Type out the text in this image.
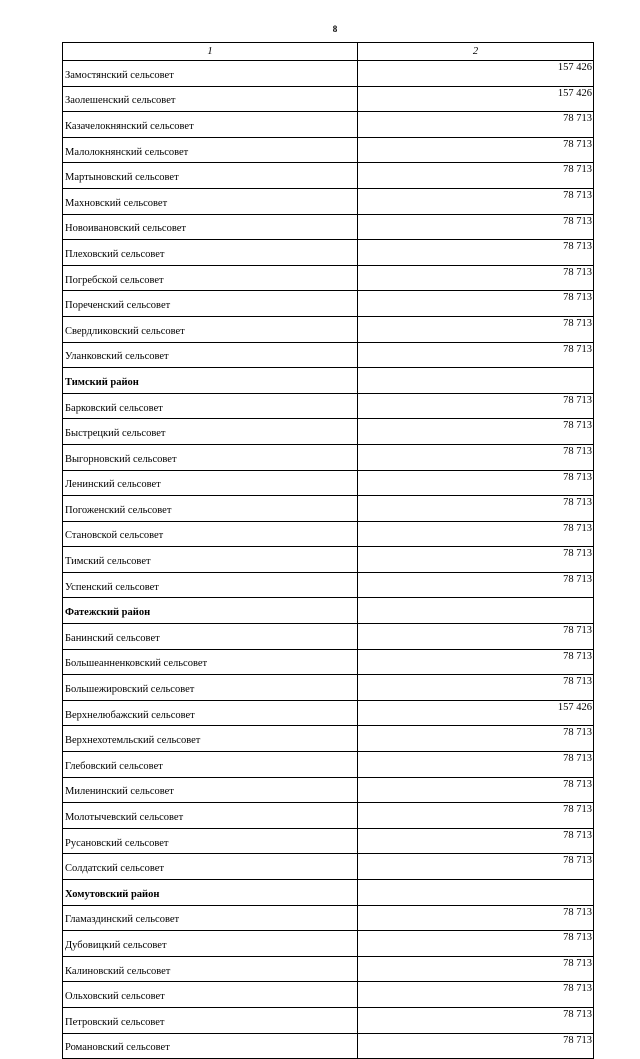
8
1	2
Замостянский сельсовет	157 426
Заолешенский сельсовет	157 426
Казачелокнянский сельсовет	78 713
Малолокнянский сельсовет	78 713
Мартыновский сельсовет	78 713
Махновский сельсовет	78 713
Новоивановский сельсовет	78 713
Плеховский сельсовет	78 713
Погребской сельсовет	78 713
Пореченский сельсовет	78 713
Свердликовский сельсовет	78 713
Уланковский сельсовет	78 713
Тимский район	
Барковский сельсовет	78 713
Быстрецкий сельсовет	78 713
Выгорновский сельсовет	78 713
Ленинский сельсовет	78 713
Погоженский сельсовет	78 713
Становской сельсовет	78 713
Тимский сельсовет	78 713
Успенский сельсовет	78 713
Фатежский район	
Банинский сельсовет	78 713
Большеанненковский сельсовет	78 713
Большежировский сельсовет	78 713
Верхнелюбажский сельсовет	157 426
Верхнехотемльский сельсовет	78 713
Глебовский сельсовет	78 713
Миленинский сельсовет	78 713
Молотычевский сельсовет	78 713
Русановский сельсовет	78 713
Солдатский сельсовет	78 713
Хомутовский район	
Гламаздинский сельсовет	78 713
Дубовицкий сельсовет	78 713
Калиновский сельсовет	78 713
Ольховский сельсовет	78 713
Петровский сельсовет	78 713
Романовский сельсовет	78 713
